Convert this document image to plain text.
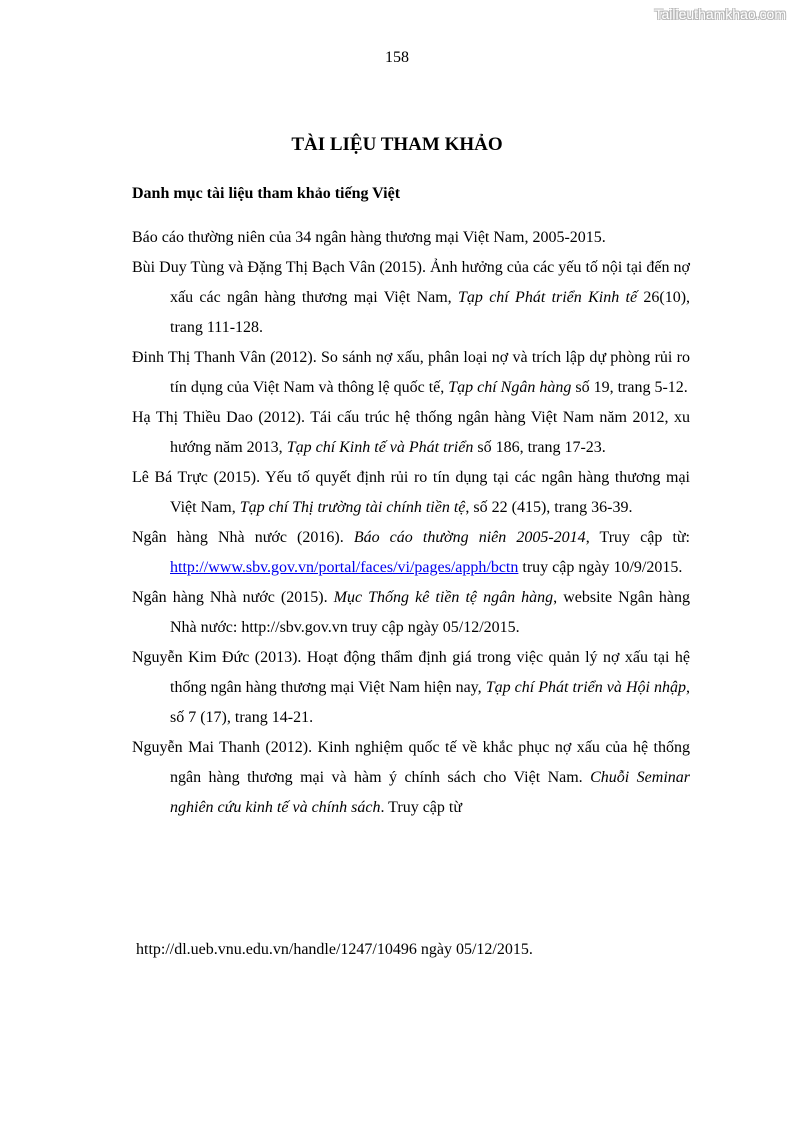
Tailieuthamkhao.com
158
TÀI LIỆU THAM KHẢO
Danh mục tài liệu tham khảo tiếng Việt
Báo cáo thường niên của 34 ngân hàng thương mại Việt Nam, 2005-2015.
Bùi Duy Tùng và Đặng Thị Bạch Vân (2015). Ảnh hưởng của các yếu tố nội tại đến nợ xấu các ngân hàng thương mại Việt Nam, Tạp chí Phát triển Kinh tế 26(10), trang 111-128.
Đinh Thị Thanh Vân (2012). So sánh nợ xấu, phân loại nợ và trích lập dự phòng rủi ro tín dụng của Việt Nam và thông lệ quốc tế, Tạp chí Ngân hàng số 19, trang 5-12.
Hạ Thị Thiều Dao (2012). Tái cấu trúc hệ thống ngân hàng Việt Nam năm 2012, xu hướng năm 2013, Tạp chí Kinh tế và Phát triển số 186, trang 17-23.
Lê Bá Trực (2015). Yếu tố quyết định rủi ro tín dụng tại các ngân hàng thương mại Việt Nam, Tạp chí Thị trường tài chính tiền tệ, số 22 (415), trang 36-39.
Ngân hàng Nhà nước (2016). Báo cáo thường niên 2005-2014, Truy cập từ: http://www.sbv.gov.vn/portal/faces/vi/pages/apph/bctn truy cập ngày 10/9/2015.
Ngân hàng Nhà nước (2015). Mục Thống kê tiền tệ ngân hàng, website Ngân hàng Nhà nước: http://sbv.gov.vn truy cập ngày 05/12/2015.
Nguyễn Kim Đức (2013). Hoạt động thẩm định giá trong việc quản lý nợ xấu tại hệ thống ngân hàng thương mại Việt Nam hiện nay, Tạp chí Phát triển và Hội nhập, số 7 (17), trang 14-21.
Nguyễn Mai Thanh (2012). Kinh nghiệm quốc tế về khắc phục nợ xấu của hệ thống ngân hàng thương mại và hàm ý chính sách cho Việt Nam. Chuỗi Seminar nghiên cứu kinh tế và chính sách. Truy cập từ
http://dl.ueb.vnu.edu.vn/handle/1247/10496 ngày 05/12/2015.
